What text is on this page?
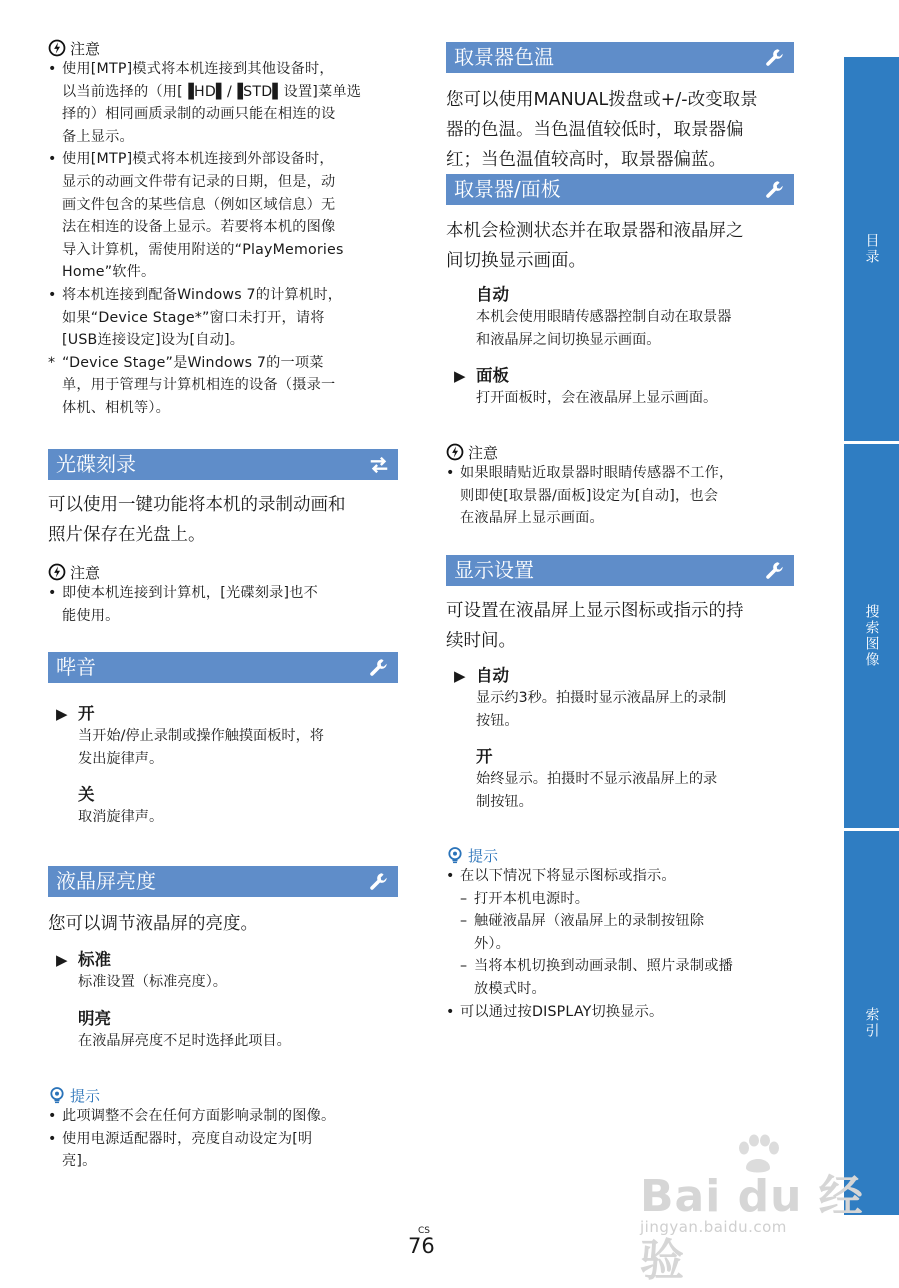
注意
• 使用[MTP]模式将本机连接到其他设备时，
以当前选择的（用[▐HD▌/▐STD▌设置]菜单选
择的）相同画质录制的动画只能在相连的设
备上显示。
• 使用[MTP]模式将本机连接到外部设备时，
显示的动画文件带有记录的日期，但是，动
画文件包含的某些信息（例如区域信息）无
法在相连的设备上显示。若要将本机的图像
导入计算机，需使用附送的“PlayMemories
Home”软件。
• 将本机连接到配备Windows 7的计算机时，
如果“Device Stage*”窗口未打开，请将
[USB连接设定]设为[自动]。
* “Device Stage”是Windows 7的一项菜
单，用于管理与计算机相连的设备（摄录一
体机、相机等）。
光碟刻录
可以使用一键功能将本机的录制动画和
照片保存在光盘上。
注意
• 即使本机连接到计算机，[光碟刻录]也不
能使用。
哔音
▶ 开
当开始/停止录制或操作触摸面板时，将
发出旋律声。
关
取消旋律声。
液晶屏亮度
您可以调节液晶屏的亮度。
▶ 标准
标准设置（标准亮度）。
明亮
在液晶屏亮度不足时选择此项目。
提示
• 此项调整不会在任何方面影响录制的图像。
• 使用电源适配器时，亮度自动设定为[明
亮]。
取景器色温
您可以使用MANUAL拨盘或+/-改变取景
器的色温。当色温值较低时，取景器偏
红；当色温值较高时，取景器偏蓝。
取景器/面板
本机会检测状态并在取景器和液晶屏之
间切换显示画面。
自动
本机会使用眼睛传感器控制自动在取景器
和液晶屏之间切换显示画面。
▶ 面板
打开面板时，会在液晶屏上显示画面。
注意
• 如果眼睛贴近取景器时眼睛传感器不工作，
则即使[取景器/面板]设定为[自动]，也会
在液晶屏上显示画面。
显示设置
可设置在液晶屏上显示图标或指示的持
续时间。
▶ 自动
显示约3秒。拍摄时显示液晶屏上的录制
按钮。
开
始终显示。拍摄时不显示液晶屏上的录
制按钮。
提示
• 在以下情况下将显示图标或指示。
– 打开本机电源时。
– 触碰液晶屏（液晶屏上的录制按钮除
外）。
– 当将本机切换到动画录制、照片录制或播
放模式时。
• 可以通过按DISPLAY切换显示。
目录
搜索图像
索引
Bai du 经验
jingyan.baidu.com
CS
76
